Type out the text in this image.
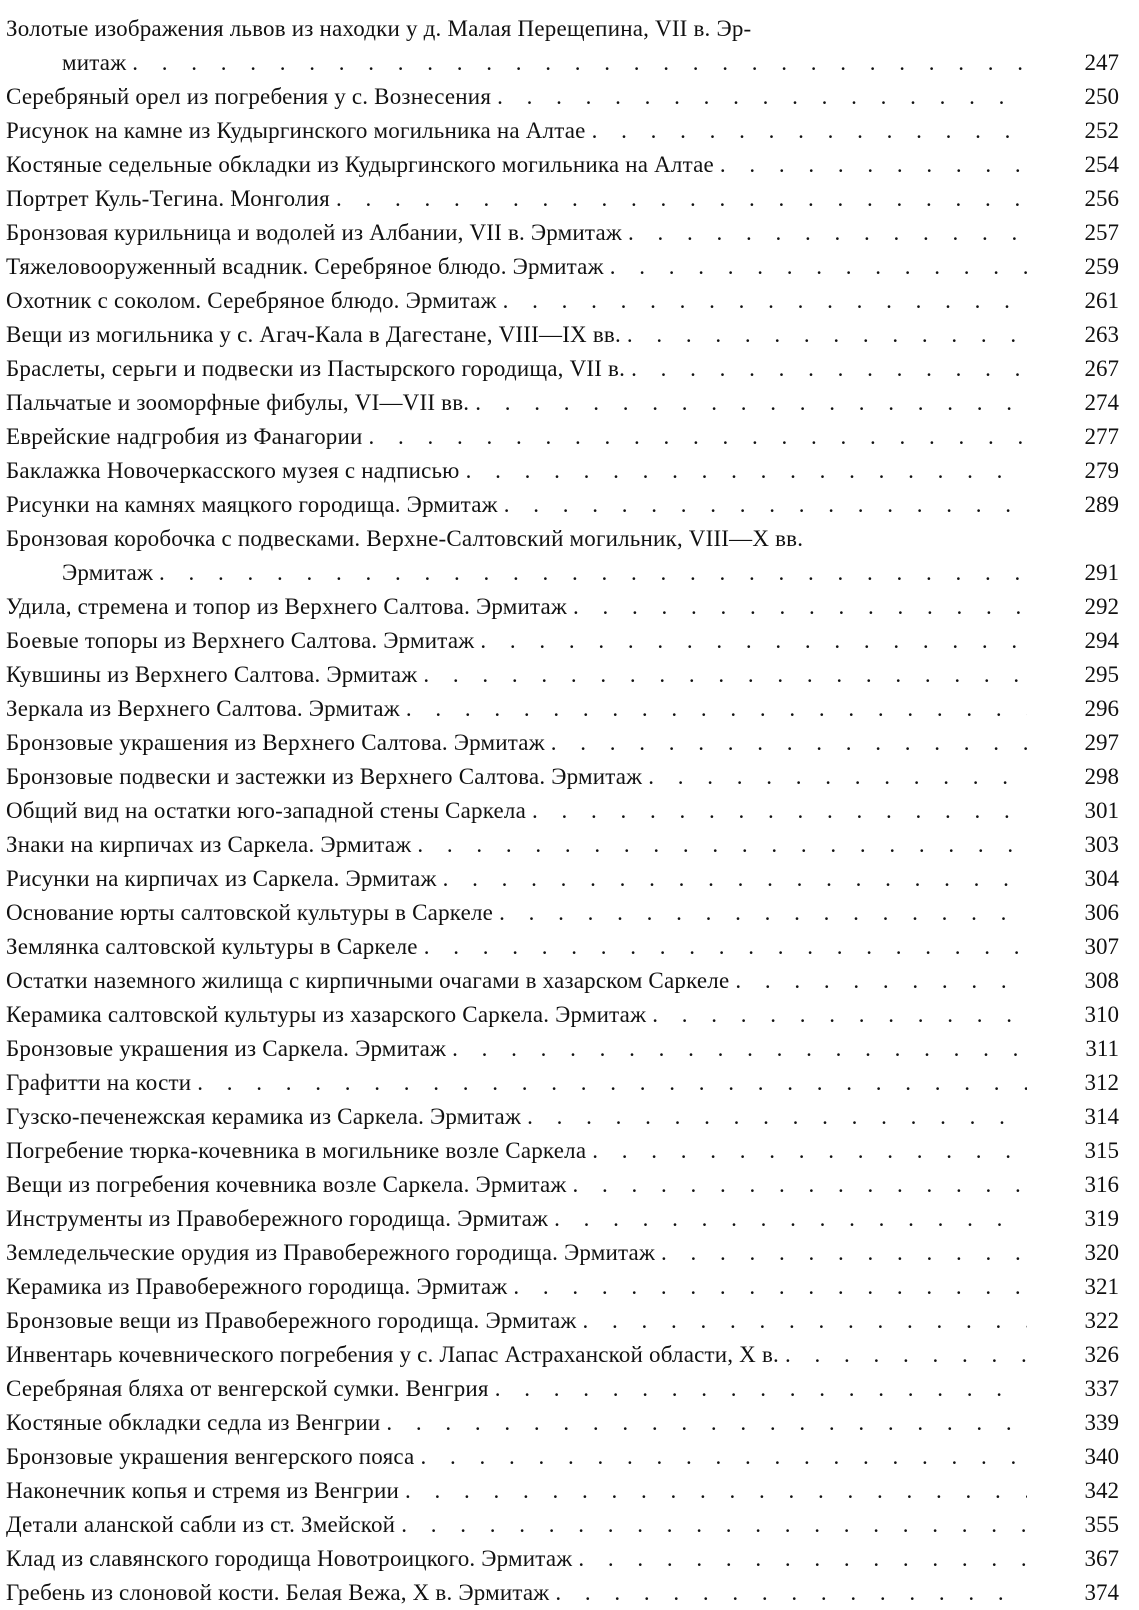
Золотые изображения львов из находки у д. Малая Перещепина, VII в. Эр-
митаж . . .	247
Серебряный орел из погребения у с. Вознесения . . .	250
Рисунок на камне из Кудыргинского могильника на Алтае . . .	252
Костяные седельные обкладки из Кудыргинского могильника на Алтае . . .	254
Портрет Куль-Тегина. Монголия . . .	256
Бронзовая курильница и водолей из Албании, VII в. Эрмитаж . . .	257
Тяжеловооруженный всадник. Серебряное блюдо. Эрмитаж . . .	259
Охотник с соколом. Серебряное блюдо. Эрмитаж . . .	261
Вещи из могильника у с. Агач-Кала в Дагестане, VIII—IX вв. . . .	263
Браслеты, серьги и подвески из Пастырского городища, VII в. . . .	267
Пальчатые и зооморфные фибулы, VI—VII вв. . . .	274
Еврейские надгробия из Фанагории . . .	277
Баклажка Новочеркасского музея с надписью . . .	279
Рисунки на камнях маяцкого городища. Эрмитаж . . .	289
Бронзовая коробочка с подвесками. Верхне-Салтовский могильник, VIII—X вв.
Эрмитаж . . .	291
Удила, стремена и топор из Верхнего Салтова. Эрмитаж . . .	292
Боевые топоры из Верхнего Салтова. Эрмитаж . . .	294
Кувшины из Верхнего Салтова. Эрмитаж . . .	295
Зеркала из Верхнего Салтова. Эрмитаж . . .	296
Бронзовые украшения из Верхнего Салтова. Эрмитаж . . .	297
Бронзовые подвески и застежки из Верхнего Салтова. Эрмитаж . . .	298
Общий вид на остатки юго-западной стены Саркела . . .	301
Знаки на кирпичах из Саркела. Эрмитаж . . .	303
Рисунки на кирпичах из Саркела. Эрмитаж . . .	304
Основание юрты салтовской культуры в Саркеле . . .	306
Землянка салтовской культуры в Саркеле . . .	307
Остатки наземного жилища с кирпичными очагами в хазарском Саркеле . . .	308
Керамика салтовской культуры из хазарского Саркела. Эрмитаж . . .	310
Бронзовые украшения из Саркела. Эрмитаж . . .	311
Графитти на кости . . .	312
Гузско-печенежская керамика из Саркела. Эрмитаж . . .	314
Погребение тюрка-кочевника в могильнике возле Саркела . . .	315
Вещи из погребения кочевника возле Саркела. Эрмитаж . . .	316
Инструменты из Правобережного городища. Эрмитаж . . .	319
Земледельческие орудия из Правобережного городища. Эрмитаж . . .	320
Керамика из Правобережного городища. Эрмитаж . . .	321
Бронзовые вещи из Правобережного городища. Эрмитаж . . .	322
Инвентарь кочевнического погребения у с. Лапас Астраханской области, X в. . . .	326
Серебряная бляха от венгерской сумки. Венгрия . . .	337
Костяные обкладки седла из Венгрии . . .	339
Бронзовые украшения венгерского пояса . . .	340
Наконечник копья и стремя из Венгрии . . .	342
Детали аланской сабли из ст. Змейской . . .	355
Клад из славянского городища Новотроицкого. Эрмитаж . . .	367
Гребень из слоновой кости. Белая Вежа, X в. Эрмитаж . . .	374
